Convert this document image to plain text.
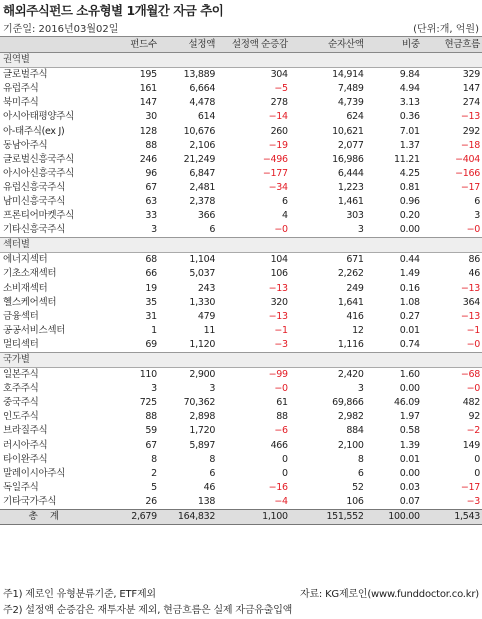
해외주식펀드 소유형별 1개월간 자금 추이
기준일: 2016년03월02일	(단위:개, 억원)
	펀드수	설정액	설정액 순증감	순자산액	비중	현금흐름
권역별						
글로벌주식	195	13,889	304	14,914	9.84	329
유럽주식	161	6,664	−5	7,489	4.94	147
북미주식	147	4,478	278	4,739	3.13	274
아시아태평양주식	30	614	−14	624	0.36	−13
아-태주식(ex J)	128	10,676	260	10,621	7.01	292
동남아주식	88	2,106	−19	2,077	1.37	−18
글로벌신흥국주식	246	21,249	−496	16,986	11.21	−404
아시아신흥국주식	96	6,847	−177	6,444	4.25	−166
유럽신흥국주식	67	2,481	−34	1,223	0.81	−17
남미신흥국주식	63	2,378	6	1,461	0.96	6
프론티어마켓주식	33	366	4	303	0.20	3
기타신흥국주식	3	6	−0	3	0.00	−0
섹터별						
에너지섹터	68	1,104	104	671	0.44	86
기초소재섹터	66	5,037	106	2,262	1.49	46
소비재섹터	19	243	−13	249	0.16	−13
헬스케어섹터	35	1,330	320	1,641	1.08	364
금융섹터	31	479	−13	416	0.27	−13
공공서비스섹터	1	11	−1	12	0.01	−1
멀티섹터	69	1,120	−3	1,116	0.74	−0
국가별						
일본주식	110	2,900	−99	2,420	1.60	−68
호주주식	3	3	−0	3	0.00	−0
중국주식	725	70,362	61	69,866	46.09	482
인도주식	88	2,898	88	2,982	1.97	92
브라질주식	59	1,720	−6	884	0.58	−2
러시아주식	67	5,897	466	2,100	1.39	149
타이완주식	8	8	0	8	0.01	0
말레이시아주식	2	6	0	6	0.00	0
독일주식	5	46	−16	52	0.03	−17
기타국가주식	26	138	−4	106	0.07	−3
총계	2,679	164,832	1,100	151,552	100.00	1,543
주1) 제로인 유형분류기준, ETF제외	자료: KG제로인(www.funddoctor.co.kr)
주2) 설정액 순증감은 재투자분 제외, 현금흐름은 실제 자금유출입액
